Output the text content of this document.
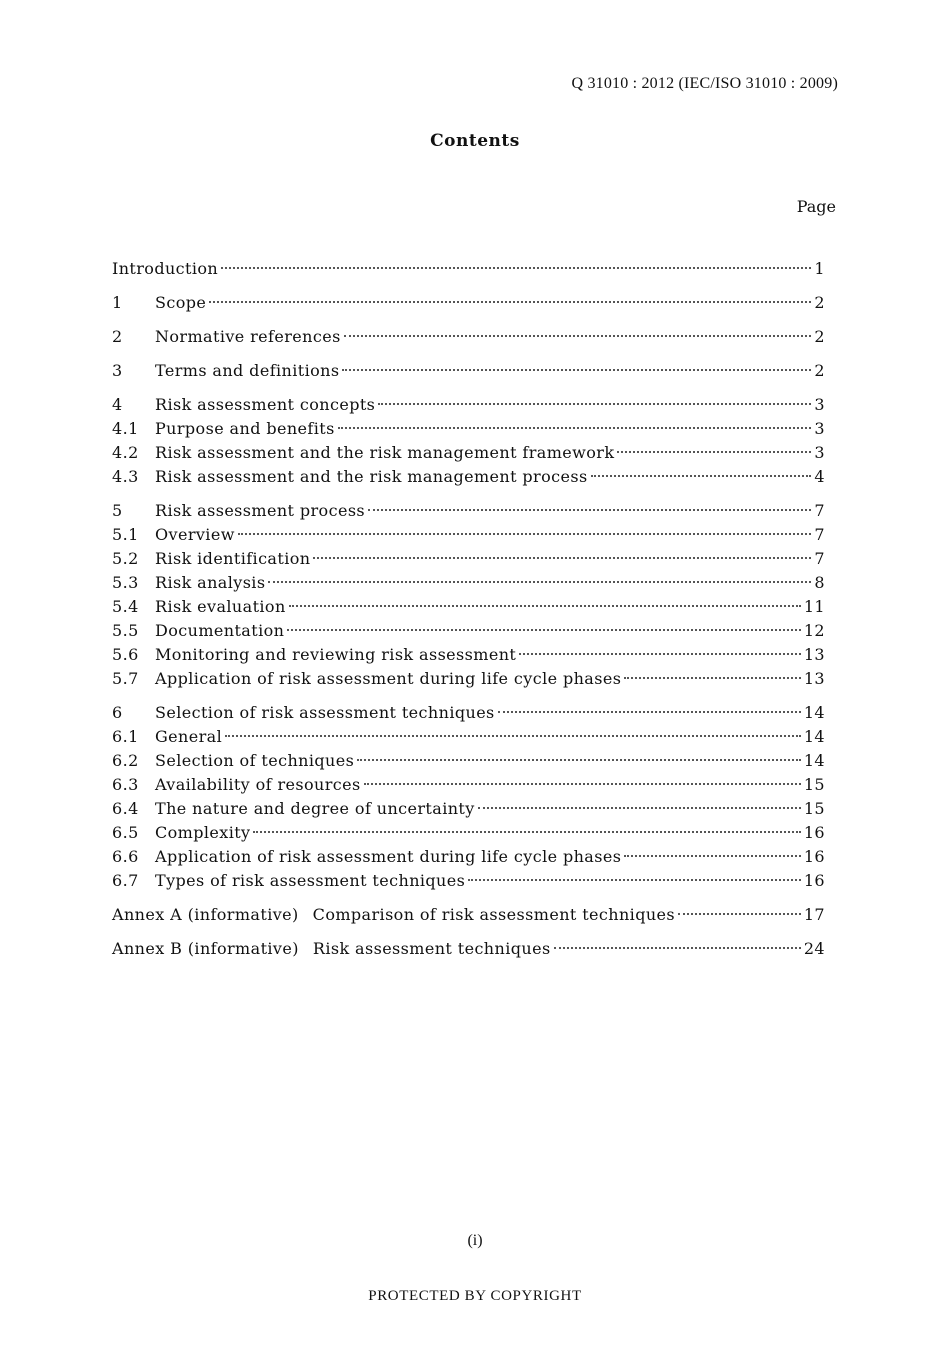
Q 31010 : 2012 (IEC/ISO 31010 : 2009)
Contents
Page
Introduction	1
1	Scope	2
2	Normative references	2
3	Terms and definitions	2
4	Risk assessment concepts	3
4.1	Purpose and benefits	3
4.2	Risk assessment and the risk management framework	3
4.3	Risk assessment and the risk management process	4
5	Risk assessment process	7
5.1	Overview	7
5.2	Risk identification	7
5.3	Risk analysis	8
5.4	Risk evaluation	11
5.5	Documentation	12
5.6	Monitoring and reviewing risk assessment	13
5.7	Application of risk assessment during life cycle phases	13
6	Selection of risk assessment techniques	14
6.1	General	14
6.2	Selection of techniques	14
6.3	Availability of resources	15
6.4	The nature and degree of uncertainty	15
6.5	Complexity	16
6.6	Application of risk assessment during life cycle phases	16
6.7	Types of risk assessment techniques	16
Annex A (informative) Comparison of risk assessment techniques	17
Annex B (informative) Risk assessment techniques	24
(i)
PROTECTED BY COPYRIGHT
